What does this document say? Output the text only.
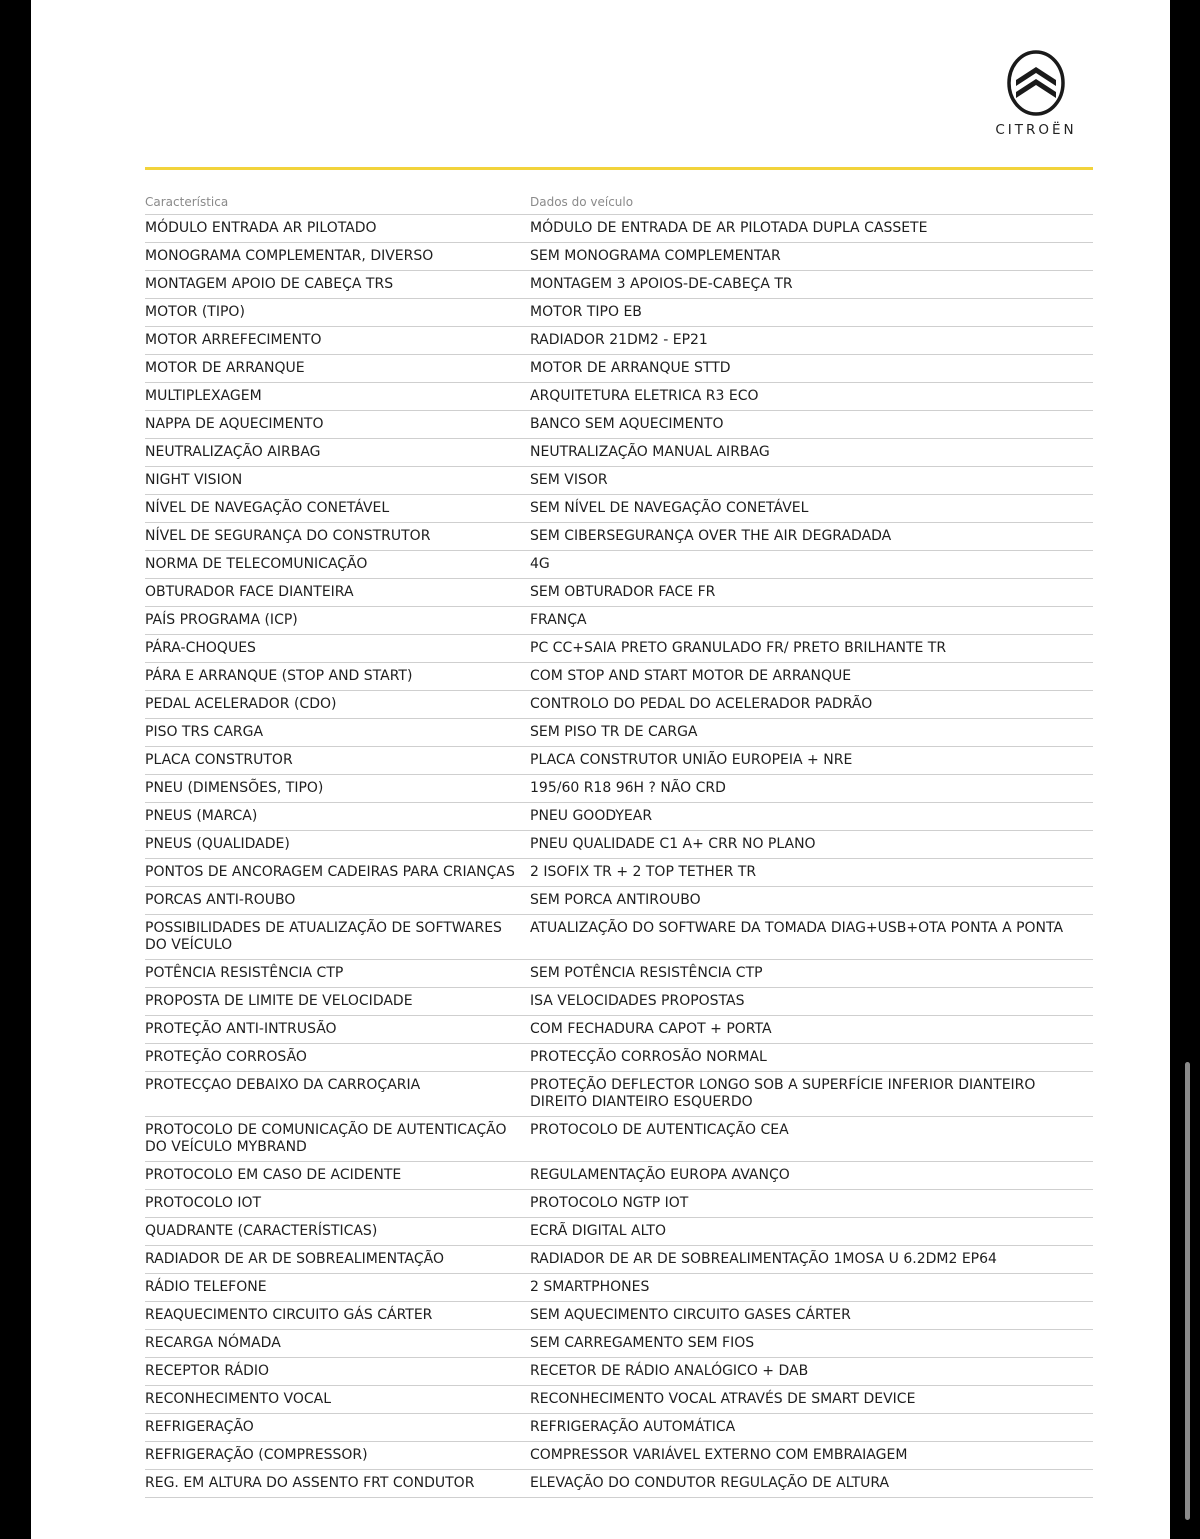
CITROËN
Característica	Dados do veículo
MÓDULO ENTRADA AR PILOTADO	MÓDULO DE ENTRADA DE AR PILOTADA DUPLA CASSETE
MONOGRAMA COMPLEMENTAR, DIVERSO	SEM MONOGRAMA COMPLEMENTAR
MONTAGEM APOIO DE CABEÇA TRS	MONTAGEM 3 APOIOS-DE-CABEÇA TR
MOTOR (TIPO)	MOTOR TIPO EB
MOTOR ARREFECIMENTO	RADIADOR 21DM2 - EP21
MOTOR DE ARRANQUE	MOTOR DE ARRANQUE STTD
MULTIPLEXAGEM	ARQUITETURA ELETRICA R3 ECO
NAPPA DE AQUECIMENTO	BANCO SEM AQUECIMENTO
NEUTRALIZAÇÃO AIRBAG	NEUTRALIZAÇÃO MANUAL AIRBAG
NIGHT VISION	SEM VISOR
NÍVEL DE NAVEGAÇÃO CONETÁVEL	SEM NÍVEL DE NAVEGAÇÃO CONETÁVEL
NÍVEL DE SEGURANÇA DO CONSTRUTOR	SEM CIBERSEGURANÇA OVER THE AIR DEGRADADA
NORMA DE TELECOMUNICAÇÃO	4G
OBTURADOR FACE DIANTEIRA	SEM OBTURADOR FACE FR
PAÍS PROGRAMA (ICP)	FRANÇA
PÁRA-CHOQUES	PC CC+SAIA PRETO GRANULADO FR/ PRETO BRILHANTE TR
PÁRA E ARRANQUE (STOP AND START)	COM STOP AND START MOTOR DE ARRANQUE
PEDAL ACELERADOR (CDO)	CONTROLO DO PEDAL DO ACELERADOR PADRÃO
PISO TRS CARGA	SEM PISO TR DE CARGA
PLACA CONSTRUTOR	PLACA CONSTRUTOR UNIÃO EUROPEIA + NRE
PNEU (DIMENSÕES, TIPO)	195/60 R18 96H ? NÃO CRD
PNEUS (MARCA)	PNEU GOODYEAR
PNEUS (QUALIDADE)	PNEU QUALIDADE C1 A+ CRR NO PLANO
PONTOS DE ANCORAGEM CADEIRAS PARA CRIANÇAS	2 ISOFIX TR + 2 TOP TETHER TR
PORCAS ANTI-ROUBO	SEM PORCA ANTIROUBO
POSSIBILIDADES DE ATUALIZAÇÃO DE SOFTWARES DO VEÍCULO	ATUALIZAÇÃO DO SOFTWARE DA TOMADA DIAG+USB+OTA PONTA A PONTA
POTÊNCIA RESISTÊNCIA CTP	SEM POTÊNCIA RESISTÊNCIA CTP
PROPOSTA DE LIMITE DE VELOCIDADE	ISA VELOCIDADES PROPOSTAS
PROTEÇÃO ANTI-INTRUSÃO	COM FECHADURA CAPOT + PORTA
PROTEÇÃO CORROSÃO	PROTECÇÃO CORROSÃO NORMAL
PROTECÇAO DEBAIXO DA CARROÇARIA	PROTEÇÃO DEFLECTOR LONGO SOB A SUPERFÍCIE INFERIOR DIANTEIRO DIREITO DIANTEIRO ESQUERDO
PROTOCOLO DE COMUNICAÇÃO DE AUTENTICAÇÃO DO VEÍCULO MYBRAND	PROTOCOLO DE AUTENTICAÇÃO CEA
PROTOCOLO EM CASO DE ACIDENTE	REGULAMENTAÇÃO EUROPA AVANÇO
PROTOCOLO IOT	PROTOCOLO NGTP IOT
QUADRANTE (CARACTERÍSTICAS)	ECRÃ DIGITAL ALTO
RADIADOR DE AR DE SOBREALIMENTAÇÃO	RADIADOR DE AR DE SOBREALIMENTAÇÃO 1MOSA U 6.2DM2 EP64
RÁDIO TELEFONE	2 SMARTPHONES
REAQUECIMENTO CIRCUITO GÁS CÁRTER	SEM AQUECIMENTO CIRCUITO GASES CÁRTER
RECARGA NÓMADA	SEM CARREGAMENTO SEM FIOS
RECEPTOR RÁDIO	RECETOR DE RÁDIO ANALÓGICO + DAB
RECONHECIMENTO VOCAL	RECONHECIMENTO VOCAL ATRAVÉS DE SMART DEVICE
REFRIGERAÇÃO	REFRIGERAÇÃO AUTOMÁTICA
REFRIGERAÇÃO (COMPRESSOR)	COMPRESSOR VARIÁVEL EXTERNO COM EMBRAIAGEM
REG. EM ALTURA DO ASSENTO FRT CONDUTOR	ELEVAÇÃO DO CONDUTOR REGULAÇÃO DE ALTURA
